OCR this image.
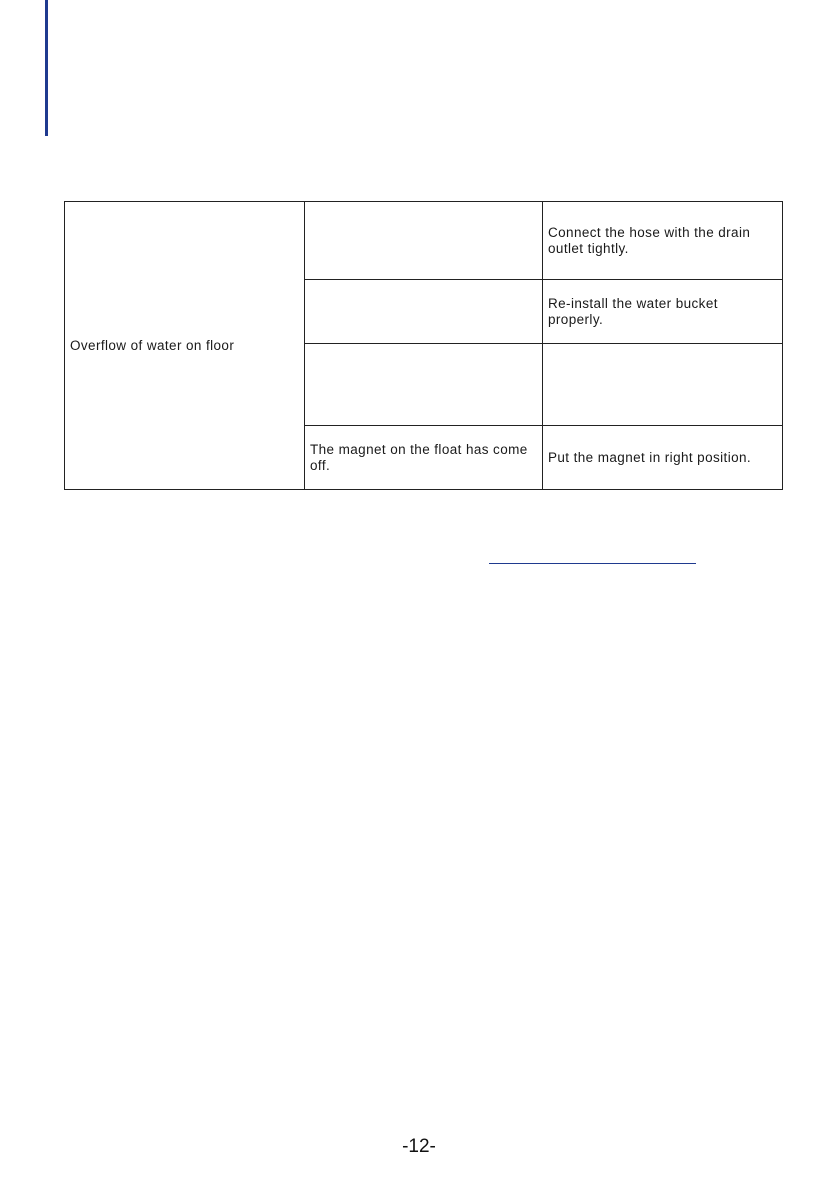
Overflow of water on floor		Connect the hose with the drain outlet tightly.
		Re-install the water bucket properly.

	The magnet on the float has come off.	Put the magnet in right position.
-12-
